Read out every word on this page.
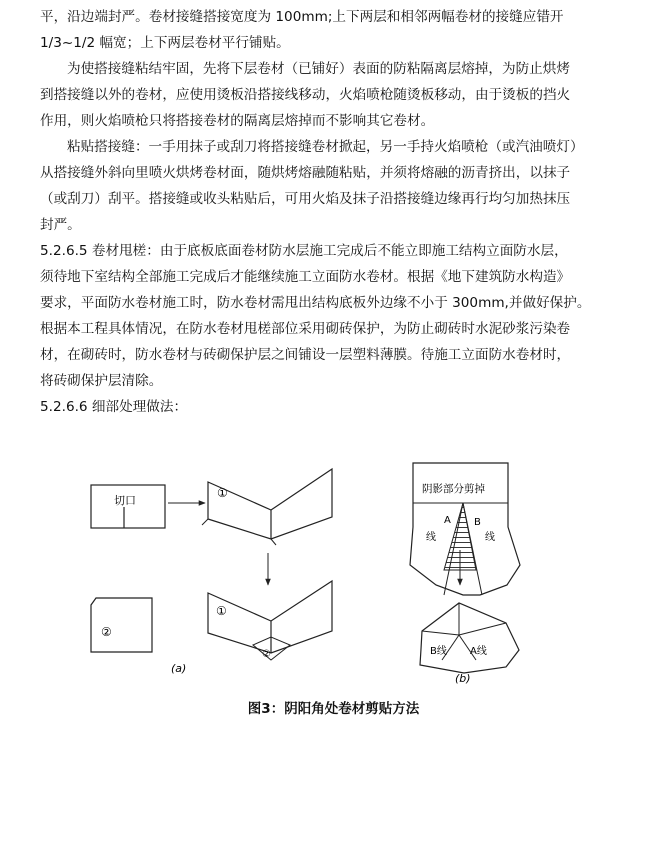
平，沿边端封严。卷材接缝搭接宽度为 100mm;上下两层和相邻两幅卷材的接缝应错开
1/3~1/2 幅宽；上下两层卷材平行铺贴。
为使搭接缝粘结牢固，先将下层卷材（已铺好）表面的防粘隔离层熔掉，为防止烘烤
到搭接缝以外的卷材，应使用烫板沿搭接线移动，火焰喷枪随烫板移动，由于烫板的挡火
作用，则火焰喷枪只将搭接卷材的隔离层熔掉而不影响其它卷材。
粘贴搭接缝：一手用抹子或刮刀将搭接缝卷材掀起，另一手持火焰喷枪（或汽油喷灯）
从搭接缝外斜向里喷火烘烤卷材面，随烘烤熔融随粘贴，并须将熔融的沥青挤出，以抹子
（或刮刀）刮平。搭接缝或收头粘贴后，可用火焰及抹子沿搭接缝边缘再行均匀加热抹压
封严。
5.2.6.5 卷材甩槎：由于底板底面卷材防水层施工完成后不能立即施工结构立面防水层，
须待地下室结构全部施工完成后才能继续施工立面防水卷材。根据《地下建筑防水构造》
要求，平面防水卷材施工时，防水卷材需甩出结构底板外边缘不小于 300mm,并做好保护。
根据本工程具体情况，在防水卷材甩槎部位采用砌砖保护，为防止砌砖时水泥砂浆污染卷
材，在砌砖时，防水卷材与砖砌保护层之间铺设一层塑料薄膜。待施工立面防水卷材时，
将砖砌保护层清除。
5.2.6.6 细部处理做法：
切口
①
②
①
②
(a)
阴影部分剪掉
A
线
B
线
B线 A线
(b)
图3：阴阳角处卷材剪贴方法
